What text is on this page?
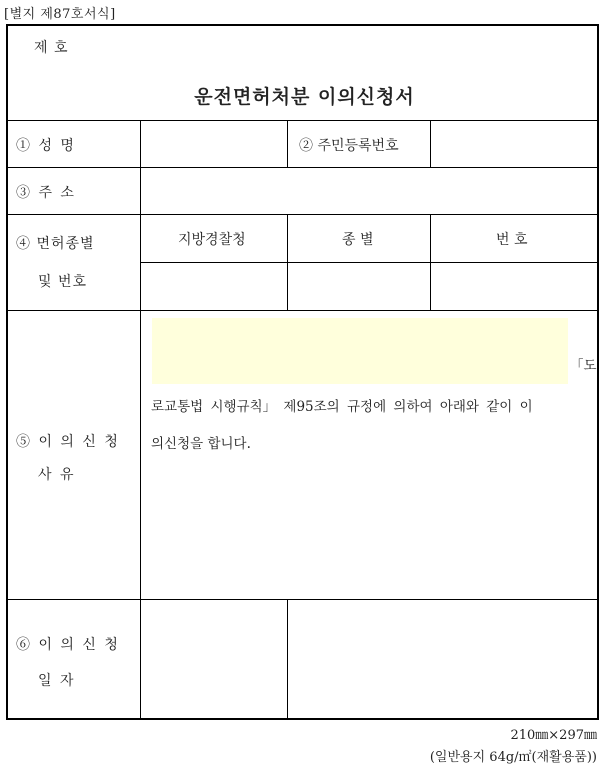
[별지 제87호서식]
제 호
운전면허처분 이의신청서
① 성 명	② 주민등록번호
③ 주 소
④ 면허종별
및 번호
지방경찰청	종 별	번 호
⑤ 이 의 신 청
사 유
「도
로교통법 시행규칙」 제95조의 규정에 의하여 아래와 같이 이
의신청을 합니다.
⑥ 이 의 신 청
일 자
210㎜×297㎜
(일반용지 64g/㎡(재활용품))
